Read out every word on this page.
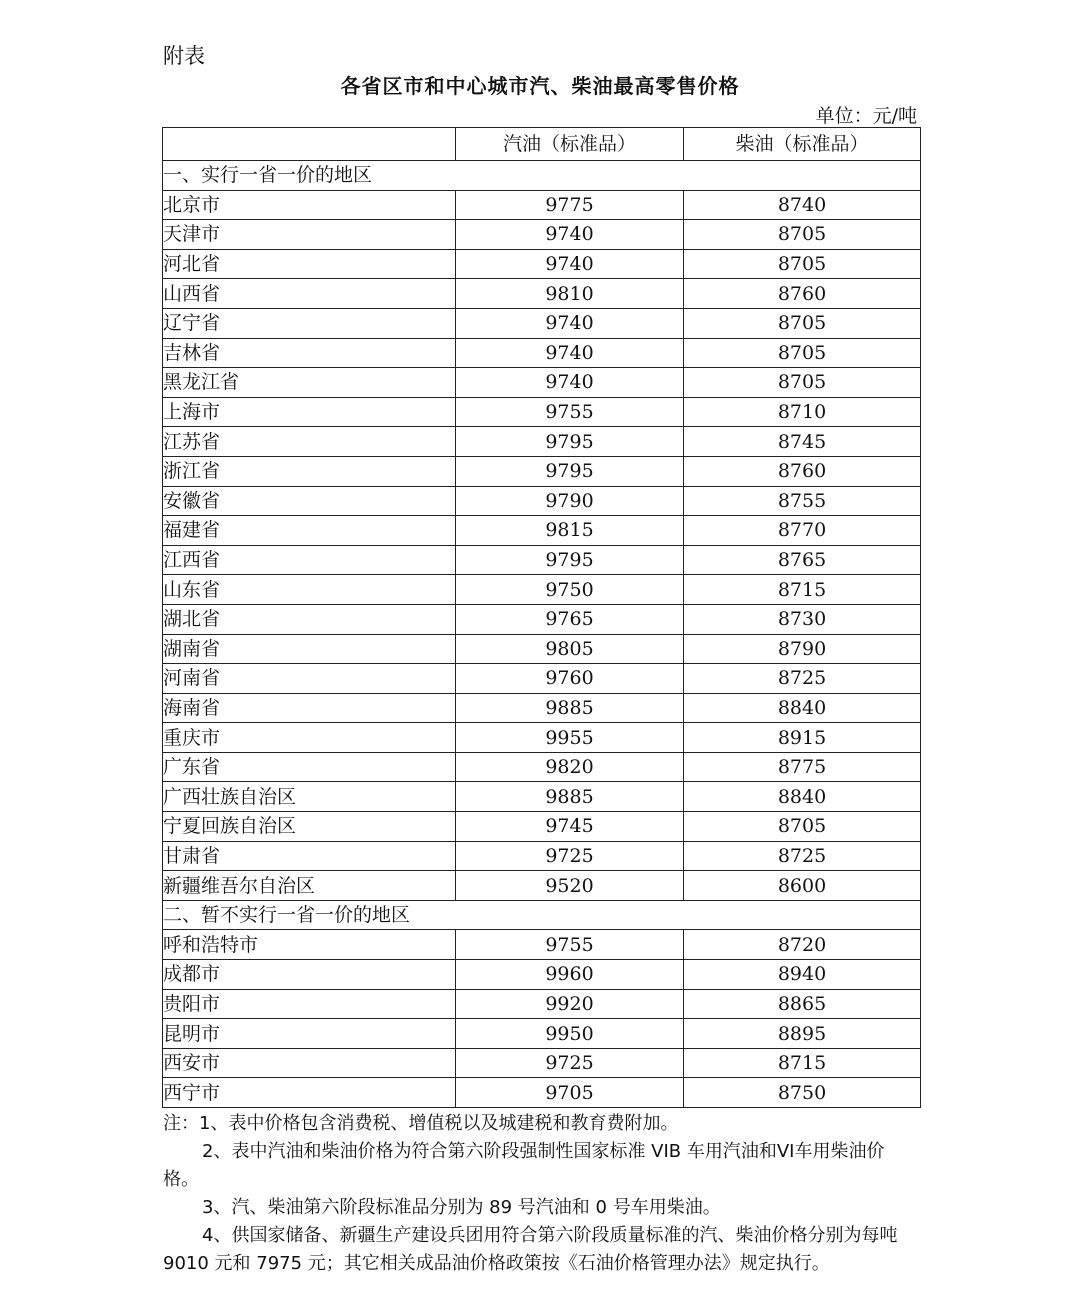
附表
各省区市和中心城市汽、柴油最高零售价格
单位：元/吨
	汽油（标准品）	柴油（标准品）
一、实行一省一价的地区		
北京市	9775	8740
天津市	9740	8705
河北省	9740	8705
山西省	9810	8760
辽宁省	9740	8705
吉林省	9740	8705
黑龙江省	9740	8705
上海市	9755	8710
江苏省	9795	8745
浙江省	9795	8760
安徽省	9790	8755
福建省	9815	8770
江西省	9795	8765
山东省	9750	8715
湖北省	9765	8730
湖南省	9805	8790
河南省	9760	8725
海南省	9885	8840
重庆市	9955	8915
广东省	9820	8775
广西壮族自治区	9885	8840
宁夏回族自治区	9745	8705
甘肃省	9725	8725
新疆维吾尔自治区	9520	8600
二、暂不实行一省一价的地区		
呼和浩特市	9755	8720
成都市	9960	8940
贵阳市	9920	8865
昆明市	9950	8895
西安市	9725	8715
西宁市	9705	8750

注：1、表中价格包含消费税、增值税以及城建税和教育费附加。

2、表中汽油和柴油价格为符合第六阶段强制性国家标准 VIB 车用汽油和VI车用柴油价格。

3、汽、柴油第六阶段标准品分别为 89 号汽油和 0 号车用柴油。

4、供国家储备、新疆生产建设兵团用符合第六阶段质量标准的汽、柴油价格分别为每吨 9010 元和 7975 元；其它相关成品油价格政策按《石油价格管理办法》规定执行。
